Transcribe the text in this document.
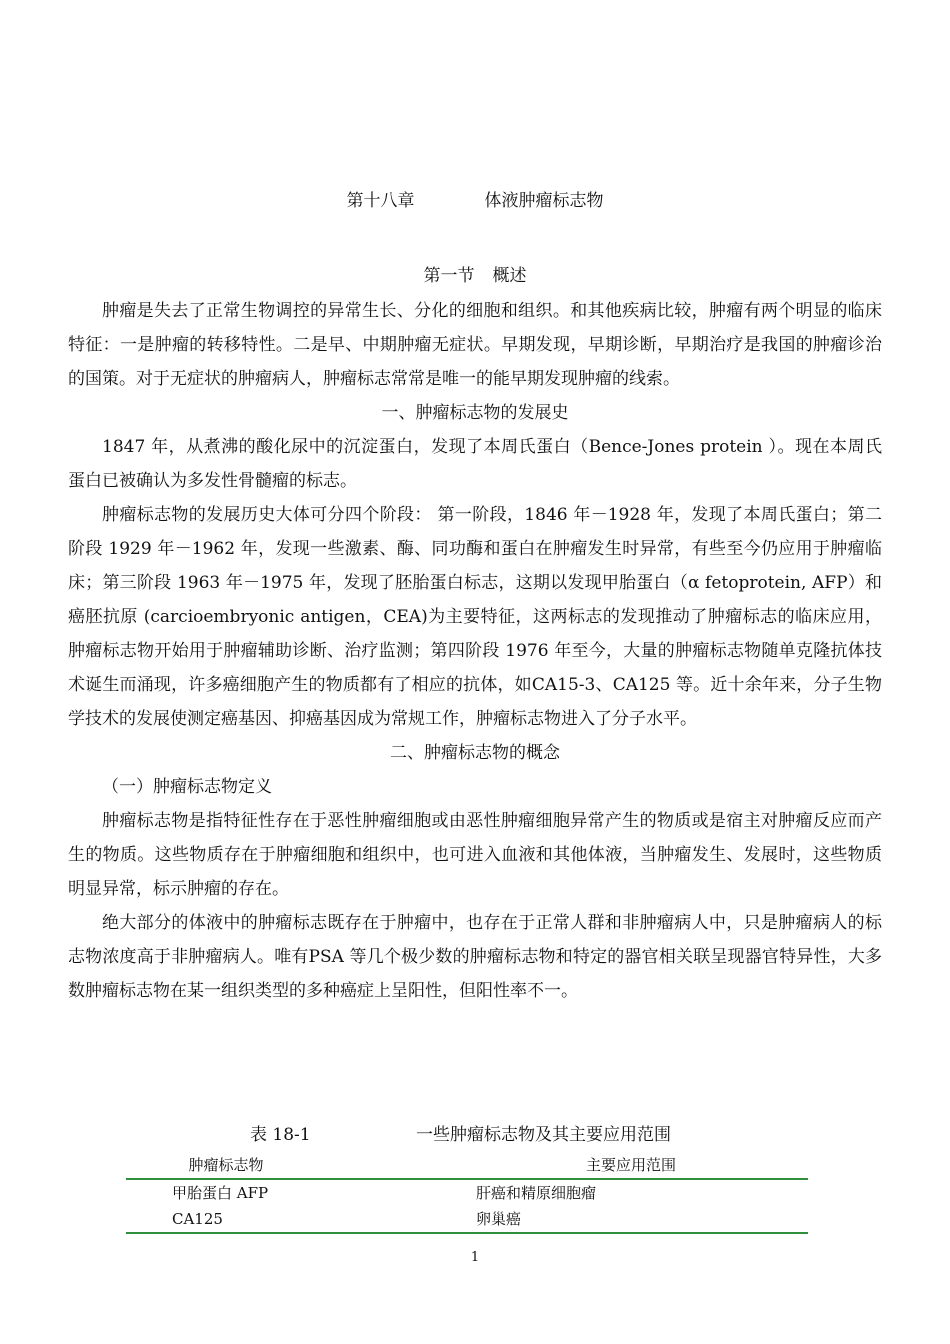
第十八章	体液肿瘤标志物
第一节 概述

肿瘤是失去了正常生物调控的异常生长、分化的细胞和组织。和其他疾病比较，肿瘤有两个明显的临床特征：一是肿瘤的转移特性。二是早、中期肿瘤无症状。早期发现，早期诊断，早期治疗是我国的肿瘤诊治的国策。对于无症状的肿瘤病人，肿瘤标志常常是唯一的能早期发现肿瘤的线索。

一、肿瘤标志物的发展史

1847 年，从煮沸的酸化尿中的沉淀蛋白，发现了本周氏蛋白（Bence-Jones protein ）。现在本周氏蛋白已被确认为多发性骨髓瘤的标志。

肿瘤标志物的发展历史大体可分四个阶段： 第一阶段，1846 年－1928 年，发现了本周氏蛋白；第二阶段 1929 年－1962 年，发现一些激素、酶、同功酶和蛋白在肿瘤发生时异常，有些至今仍应用于肿瘤临床；第三阶段 1963 年－1975 年，发现了胚胎蛋白标志，这期以发现甲胎蛋白（α fetoprotein, AFP）和癌胚抗原 (carcioembryonic antigen，CEA)为主要特征，这两标志的发现推动了肿瘤标志的临床应用，肿瘤标志物开始用于肿瘤辅助诊断、治疗监测；第四阶段 1976 年至今，大量的肿瘤标志物随单克隆抗体技术诞生而涌现，许多癌细胞产生的物质都有了相应的抗体，如CA15-3、CA125 等。近十余年来，分子生物学技术的发展使测定癌基因、抑癌基因成为常规工作，肿瘤标志物进入了分子水平。

二、肿瘤标志物的概念

（一）肿瘤标志物定义

肿瘤标志物是指特征性存在于恶性肿瘤细胞或由恶性肿瘤细胞异常产生的物质或是宿主对肿瘤反应而产生的物质。这些物质存在于肿瘤细胞和组织中，也可进入血液和其他体液，当肿瘤发生、发展时，这些物质明显异常，标示肿瘤的存在。

绝大部分的体液中的肿瘤标志既存在于肿瘤中，也存在于正常人群和非肿瘤病人中，只是肿瘤病人的标志物浓度高于非肿瘤病人。唯有PSA 等几个极少数的肿瘤标志物和特定的器官相关联呈现器官特异性，大多数肿瘤标志物在某一组织类型的多种癌症上呈阳性，但阳性率不一。

表 18-1	一些肿瘤标志物及其主要应用范围
肿瘤标志物	主要应用范围
甲胎蛋白 AFP	肝癌和精原细胞瘤
CA125	卵巢癌
1
